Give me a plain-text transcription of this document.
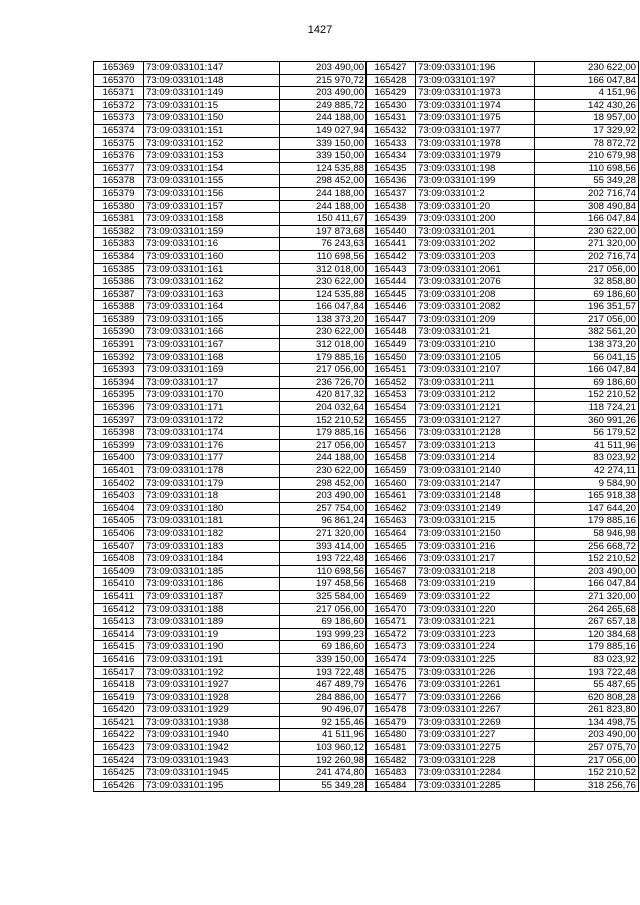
1427
165369	73:09:033101:147	203 490,00
165370	73:09:033101:148	215 970,72
165371	73:09:033101:149	203 490,00
165372	73:09:033101:15	249 885,72
165373	73:09:033101:150	244 188,00
165374	73:09:033101:151	149 027,94
165375	73:09:033101:152	339 150,00
165376	73:09:033101:153	339 150,00
165377	73:09:033101:154	124 535,88
165378	73:09:033101:155	298 452,00
165379	73:09:033101:156	244 188,00
165380	73:09:033101:157	244 188,00
165381	73:09:033101:158	150 411,67
165382	73:09:033101:159	197 873,68
165383	73:09:033101:16	76 243,63
165384	73:09:033101:160	110 698,56
165385	73:09:033101:161	312 018,00
165386	73:09:033101:162	230 622,00
165387	73:09:033101:163	124 535,88
165388	73:09:033101:164	166 047,84
165389	73:09:033101:165	138 373,20
165390	73:09:033101:166	230 622,00
165391	73:09:033101:167	312 018,00
165392	73:09:033101:168	179 885,16
165393	73:09:033101:169	217 056,00
165394	73:09:033101:17	236 726,70
165395	73:09:033101:170	420 817,32
165396	73:09:033101:171	204 032,64
165397	73:09:033101:172	152 210,52
165398	73:09:033101:174	179 885,16
165399	73:09:033101:176	217 056,00
165400	73:09:033101:177	244 188,00
165401	73:09:033101:178	230 622,00
165402	73:09:033101:179	298 452,00
165403	73:09:033101:18	203 490,00
165404	73:09:033101:180	257 754,00
165405	73:09:033101:181	96 861,24
165406	73:09:033101:182	271 320,00
165407	73:09:033101:183	393 414,00
165408	73:09:033101:184	193 722,48
165409	73:09:033101:185	110 698,56
165410	73:09:033101:186	197 458,56
165411	73:09:033101:187	325 584,00
165412	73:09:033101:188	217 056,00
165413	73:09:033101:189	69 186,60
165414	73:09:033101:19	193 999,23
165415	73:09:033101:190	69 186,60
165416	73:09:033101:191	339 150,00
165417	73:09:033101:192	193 722,48
165418	73:09:033101:1927	467 489,79
165419	73:09:033101:1928	284 886,00
165420	73:09:033101:1929	90 496,07
165421	73:09:033101:1938	92 155,46
165422	73:09:033101:1940	41 511,96
165423	73:09:033101:1942	103 960,12
165424	73:09:033101:1943	192 260,98
165425	73:09:033101:1945	241 474,80
165426	73:09:033101:195	55 349,28
165427	73:09:033101:196	230 622,00
165428	73:09:033101:197	166 047,84
165429	73:09:033101:1973	4 151,96
165430	73:09:033101:1974	142 430,26
165431	73:09:033101:1975	18 957,00
165432	73:09:033101:1977	17 329,92
165433	73:09:033101:1978	78 872,72
165434	73:09:033101:1979	210 679,98
165435	73:09:033101:198	110 698,56
165436	73:09:033101:199	55 349,28
165437	73:09:033101:2	202 716,74
165438	73:09:033101:20	308 490,84
165439	73:09:033101:200	166 047,84
165440	73:09:033101:201	230 622,00
165441	73:09:033101:202	271 320,00
165442	73:09:033101:203	202 716,74
165443	73:09:033101:2061	217 056,00
165444	73:09:033101:2076	32 858,80
165445	73:09:033101:208	69 186,60
165446	73:09:033101:2082	196 351,57
165447	73:09:033101:209	217 056,00
165448	73:09:033101:21	382 561,20
165449	73:09:033101:210	138 373,20
165450	73:09:033101:2105	56 041,15
165451	73:09:033101:2107	166 047,84
165452	73:09:033101:211	69 186,60
165453	73:09:033101:212	152 210,52
165454	73:09:033101:2121	118 724,21
165455	73:09:033101:2127	360 991,26
165456	73:09:033101:2128	56 179,52
165457	73:09:033101:213	41 511,96
165458	73:09:033101:214	83 023,92
165459	73:09:033101:2140	42 274,11
165460	73:09:033101:2147	9 584,90
165461	73:09:033101:2148	165 918,38
165462	73:09:033101:2149	147 644,20
165463	73:09:033101:215	179 885,16
165464	73:09:033101:2150	58 946,98
165465	73:09:033101:216	256 668,72
165466	73:09:033101:217	152 210,52
165467	73:09:033101:218	203 490,00
165468	73:09:033101:219	166 047,84
165469	73:09:033101:22	271 320,00
165470	73:09:033101:220	264 265,68
165471	73:09:033101:221	267 657,18
165472	73:09:033101:223	120 384,68
165473	73:09:033101:224	179 885,16
165474	73:09:033101:225	83 023,92
165475	73:09:033101:226	193 722,48
165476	73:09:033101:2261	55 487,65
165477	73:09:033101:2266	620 808,28
165478	73:09:033101:2267	261 823,80
165479	73:09:033101:2269	134 498,75
165480	73:09:033101:227	203 490,00
165481	73:09:033101:2275	257 075,70
165482	73:09:033101:228	217 056,00
165483	73:09:033101:2284	152 210,52
165484	73:09:033101:2285	318 256,76
